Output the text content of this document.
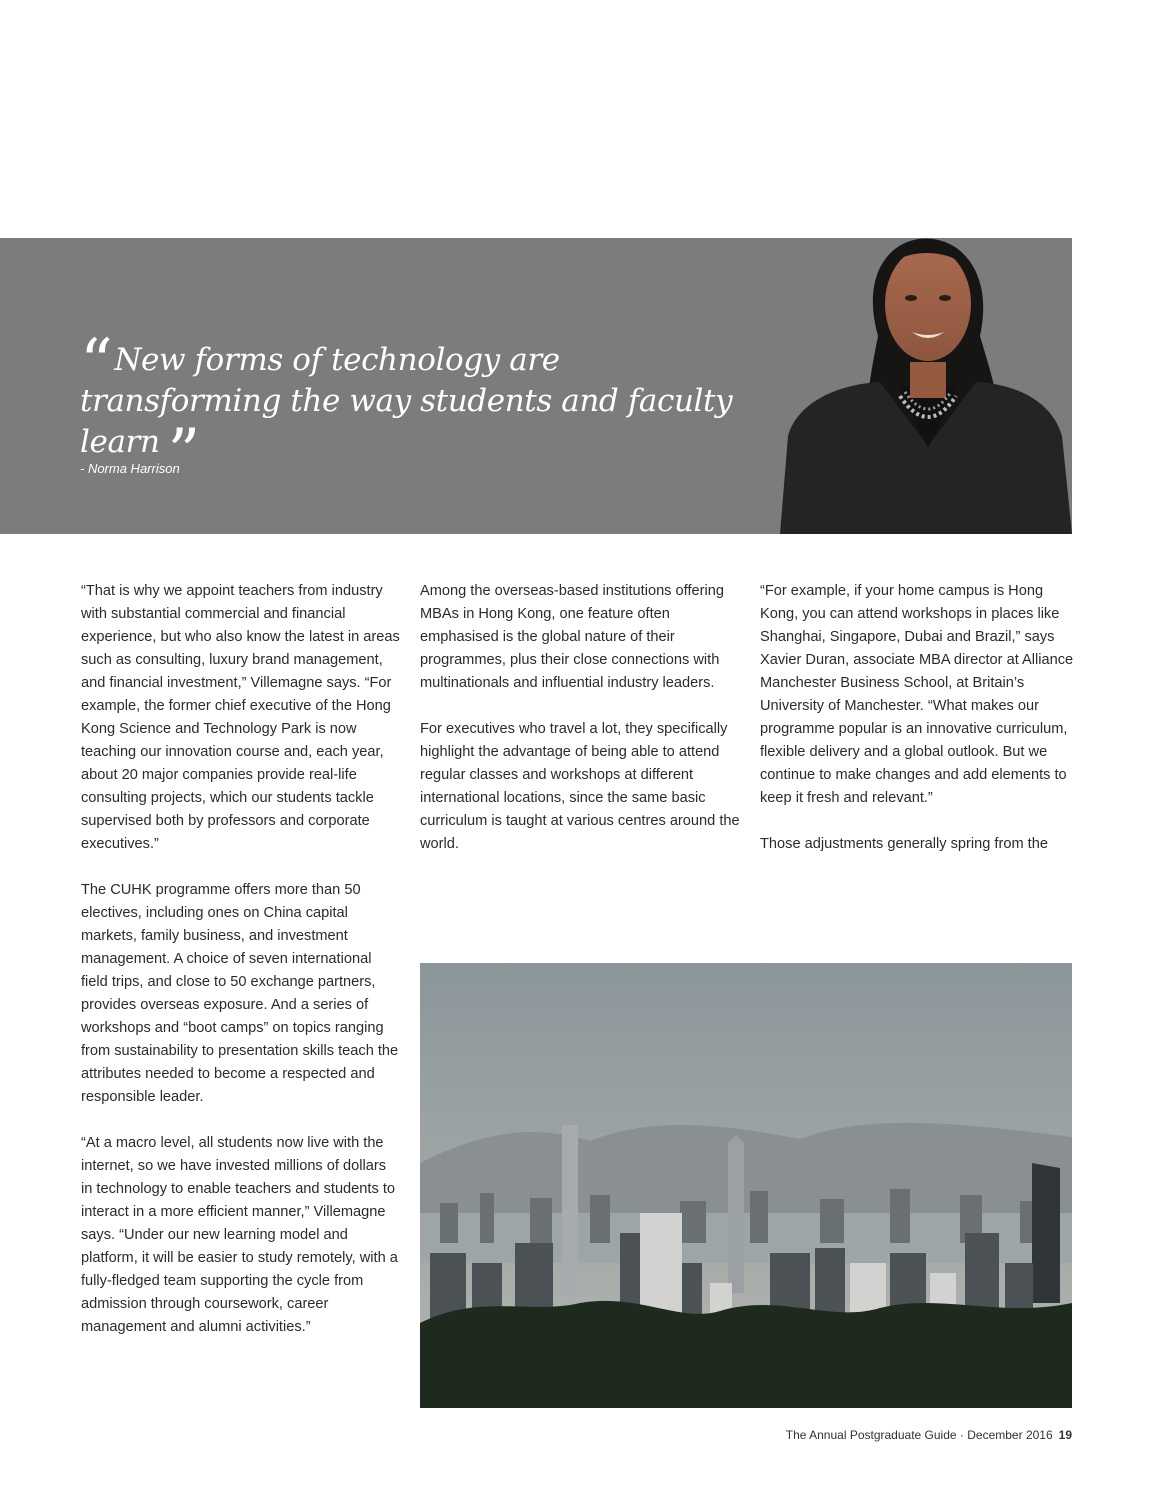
“New forms of technology are transforming the way students and faculty learn ”
- Norma Harrison

“That is why we appoint teachers from industry with substantial commercial and financial experience, but who also know the latest in areas such as consulting, luxury brand management, and financial investment,” Villemagne says. “For example, the former chief executive of the Hong Kong Science and Technology Park is now teaching our innovation course and, each year, about 20 major companies provide real-life consulting projects, which our students tackle supervised both by professors and corporate executives.”

The CUHK programme offers more than 50 electives, including ones on China capital markets, family business, and investment management. A choice of seven international field trips, and close to 50 exchange partners, provides overseas exposure. And a series of workshops and “boot camps” on topics ranging from sustainability to presentation skills teach the attributes needed to become a respected and responsible leader.

“At a macro level, all students now live with the internet, so we have invested millions of dollars in technology to enable teachers and students to interact in a more efficient manner,” Villemagne says. “Under our new learning model and platform, it will be easier to study remotely, with a fully-fledged team supporting the cycle from admission through coursework, career management and alumni activities.”

Among the overseas-based institutions offering MBAs in Hong Kong, one feature often emphasised is the global nature of their programmes, plus their close connections with multinationals and influential industry leaders.

For executives who travel a lot, they specifically highlight the advantage of being able to attend regular classes and workshops at different international locations, since the same basic curriculum is taught at various centres around the world.

“For example, if your home campus is Hong Kong, you can attend workshops in places like Shanghai, Singapore, Dubai and Brazil,” says Xavier Duran, associate MBA director at Alliance Manchester Business School, at Britain’s University of Manchester. “What makes our programme popular is an innovative curriculum, flexible delivery and a global outlook. But we continue to make changes and add elements to keep it fresh and relevant.”

Those adjustments generally spring from the

The Annual Postgraduate Guide · December 2016 19
